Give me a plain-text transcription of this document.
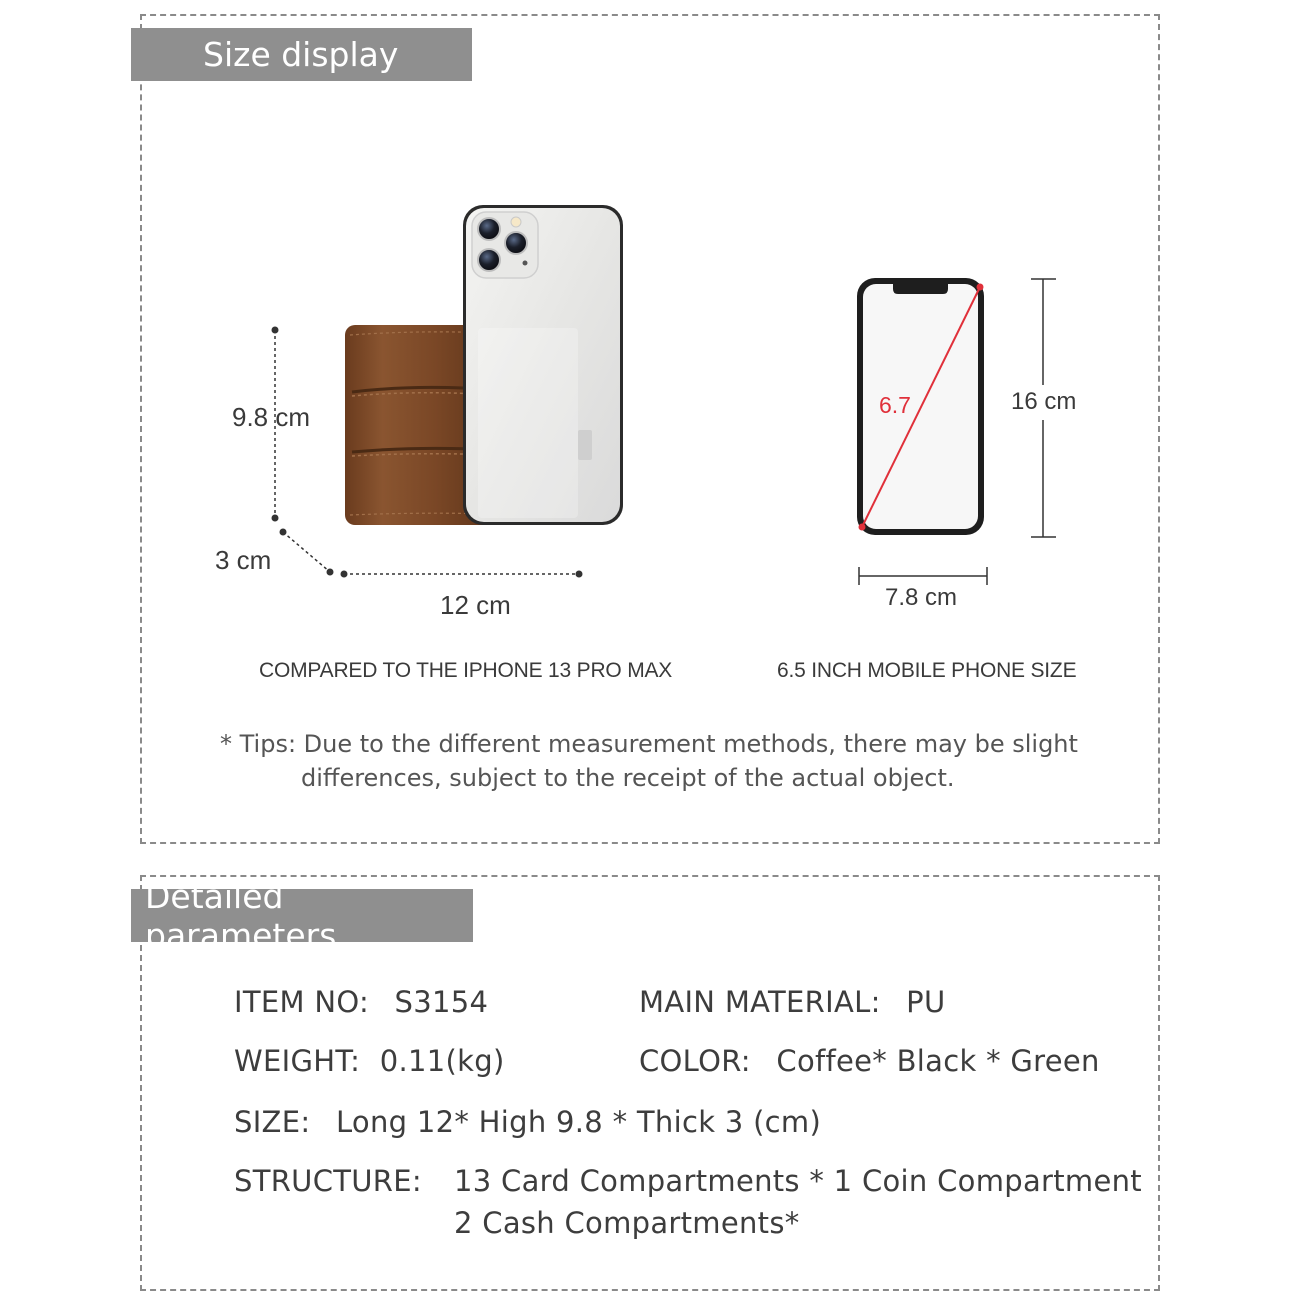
Size display
Detailed parameters
9.8 cm
3 cm
12 cm
6.7	16 cm
7.8 cm
COMPARED TO THE IPHONE 13 PRO MAX	6.5 INCH MOBILE PHONE SIZE
* Tips: Due to the different measurement methods, there may be slight
differences, subject to the receipt of the actual object.
ITEM NO: S3154	MAIN MATERIAL: PU
WEIGHT: 0.11(kg)	COLOR: Coffee* Black * Green
SIZE: Long 12* High 9.8 * Thick 3 (cm)
STRUCTURE: 13 Card Compartments * 1 Coin Compartment
2 Cash Compartments*
